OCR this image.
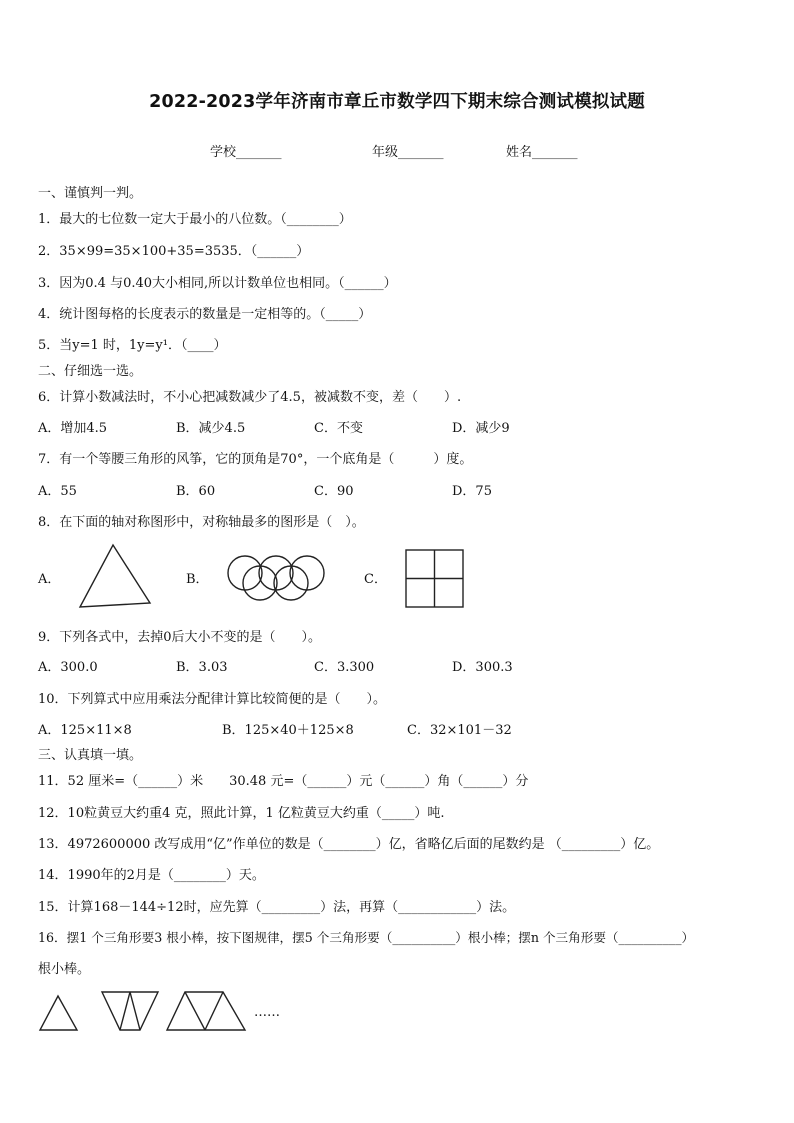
2022-2023学年济南市章丘市数学四下期末综合测试模拟试题
学校_______	年级_______	姓名_______
一、谨慎判一判。
1．最大的七位数一定大于最小的八位数。（________）
2．35×99=35×100+35=3535．（______）
3．因为0.4 与0.40大小相同,所以计数单位也相同。（______）
4．统计图每格的长度表示的数量是一定相等的。（_____）
5．当y=1 时，1y=y¹．（____）
二、仔细选一选。
6．计算小数减法时，不小心把减数减少了4.5，被减数不变，差（　　）.
A．增加4.5	B．减少4.5	C．不变	D．减少9
7．有一个等腰三角形的风筝，它的顶角是70°，一个底角是（　　　）度。
A．55	B．60	C．90	D．75
8．在下面的轴对称图形中，对称轴最多的图形是（　）。
A．	B．	C．
9．下列各式中，去掉0后大小不变的是（　　）。
A．300.0	B．3.03	C．3.300	D．300.3
10．下列算式中应用乘法分配律计算比较简便的是（　　）。
A．125×11×8	B．125×40＋125×8	C．32×101－32
三、认真填一填。
11．52 厘米=（______）米　　30.48 元=（______）元（______）角（______）分
12．10粒黄豆大约重4 克，照此计算，1 亿粒黄豆大约重（_____）吨.
13．4972600000 改写成用“亿”作单位的数是（________）亿，省略亿后面的尾数约是 （_________）亿。
14．1990年的2月是（________）天。
15．计算168－144÷12时，应先算（_________）法，再算（____________）法。
16．摆1 个三角形要3 根小棒，按下图规律，摆5 个三角形要（__________）根小棒；摆n 个三角形要（__________）
根小棒。
……
